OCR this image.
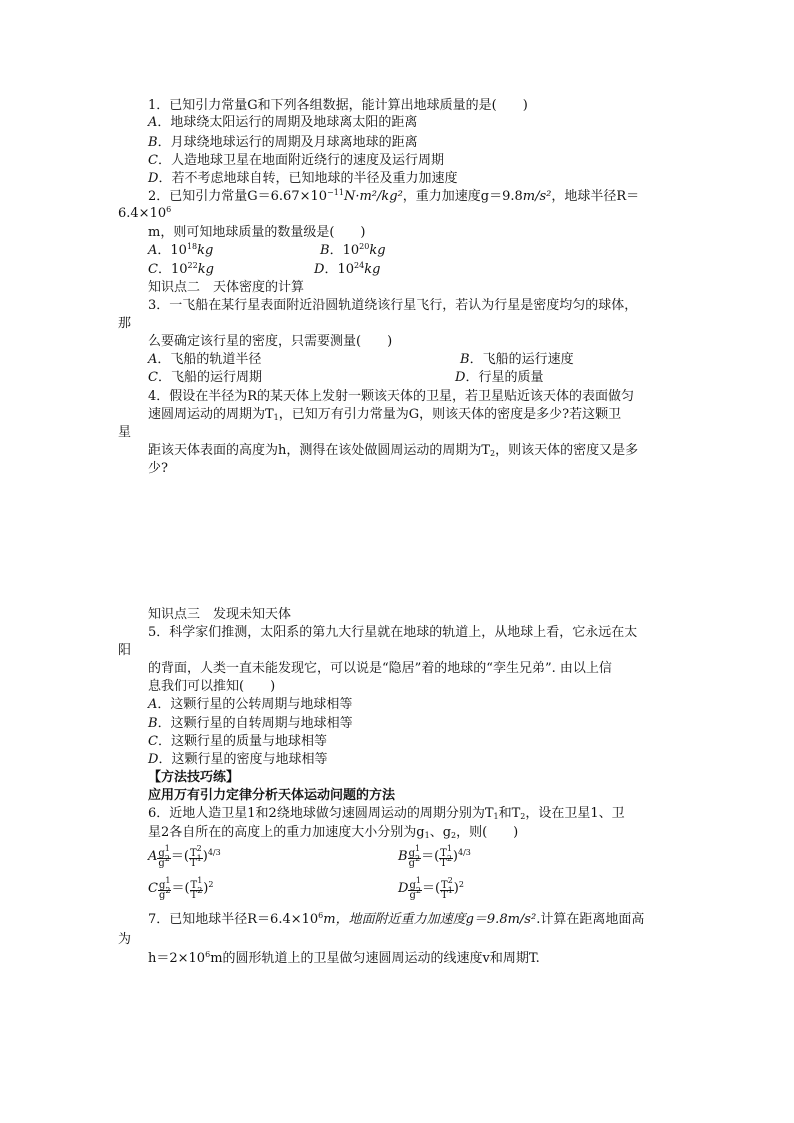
1．已知引力常量G和下列各组数据，能计算出地球质量的是(　　)
A．地球绕太阳运行的周期及地球离太阳的距离
B．月球绕地球运行的周期及月球离地球的距离
C．人造地球卫星在地面附近绕行的速度及运行周期
D．若不考虑地球自转，已知地球的半径及重力加速度
2．已知引力常量$G=6.67\times 10^{-11}N\cdot m^2$/kg²，重力加速度g＝9.8m/s²，地球半径R＝
$6.4\times 10^6$
m，则可知地球质量的数量级是(　　)
A．$10^{18}kg$	B．$10^{20}kg$
C．$10^{22}kg$	D．$10^{24}kg$
知识点二　天体密度的计算
3．一飞船在某行星表面附近沿圆轨道绕该行星飞行，若认为行星是密度均匀的球体，
那
么要确定该行星的密度，只需要测量(　　)
A．飞船的轨道半径	B．飞船的运行速度
C．飞船的运行周期	D．行星的质量
4．假设在半径为R的某天体上发射一颗该天体的卫星，若卫星贴近该天体的表面做匀
速圆周运动的周期为$T_1$，已知万有引力常量为G，则该天体的密度是多少?若这颗卫
星
距该天体表面的高度为h，测得在该处做圆周运动的周期为$T_2$，则该天体的密度又是多
少?
知识点三　发现未知天体
5．科学家们推测，太阳系的第九大行星就在地球的轨道上，从地球上看，它永远在太
阳
的背面，人类一直未能发现它，可以说是“隐居”着的地球的“孪生兄弟”. 由以上信
息我们可以推知(　　)
A．这颗行星的公转周期与地球相等
B．这颗行星的自转周期与地球相等
C．这颗行星的质量与地球相等
D．这颗行星的密度与地球相等
【方法技巧练】
应用万有引力定律分析天体运动问题的方法
6．近地人造卫星1和2绕地球做匀速圆周运动的周期分别为$T_1$和$T_2$，设在卫星1、卫
星2各自所在的高度上的重力加速度大小分别为$g_1$、$g_2$，则(　　)
A $\frac{g^1}{g^2}$ ＝( $\frac{T^2}{T^1} )^{4/3}$	B $\frac{g^1}{g^2}$ ＝( $\frac{T^1}{T^2} )^{4/3}$
C $\frac{g^1}{g^2}$ ＝( $\frac{T^1}{T^2} )^2$	D $\frac{g^1}{g^2}$ ＝( $\frac{T^2}{T^1} )^2$
7．已知地球半径$R=6.4\times 10^6m$，地面附近重力加速度g＝9.8m/s².计算在距离地面高
为
$h=2\times 10^6m$的圆形轨道上的卫星做匀速圆周运动的线速度v和周期T.
